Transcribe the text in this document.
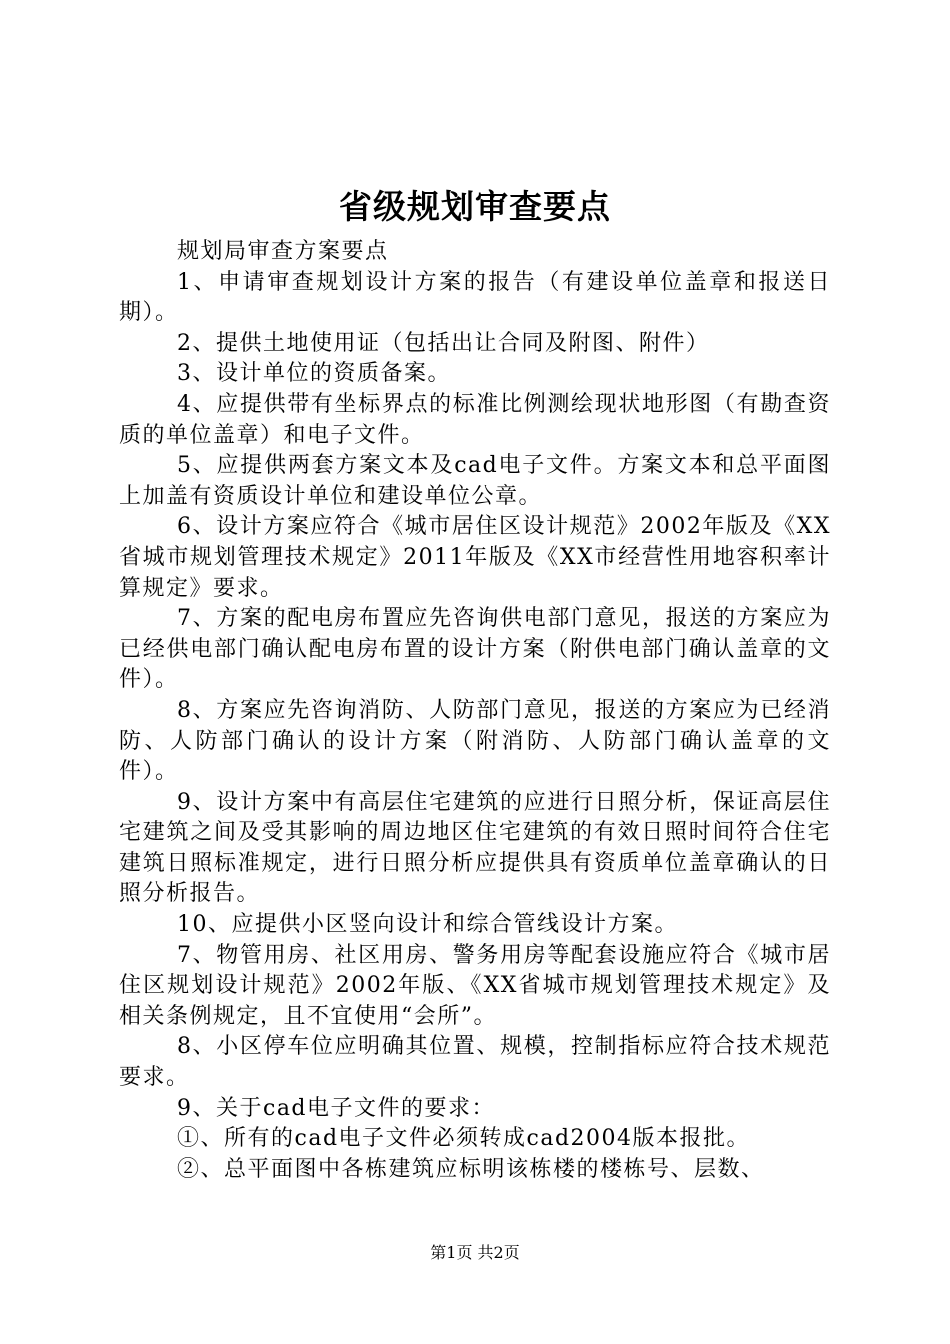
省级规划审查要点

规划局审查方案要点

1、申请审查规划设计方案的报告（有建设单位盖章和报送日期）。

2、提供土地使用证（包括出让合同及附图、附件）

3、设计单位的资质备案。

4、应提供带有坐标界点的标准比例测绘现状地形图（有勘查资质的单位盖章）和电子文件。

5、应提供两套方案文本及cad电子文件。方案文本和总平面图上加盖有资质设计单位和建设单位公章。

6、设计方案应符合《城市居住区设计规范》2002年版及《XX省城市规划管理技术规定》2011年版及《XX市经营性用地容积率计算规定》要求。

7、方案的配电房布置应先咨询供电部门意见，报送的方案应为已经供电部门确认配电房布置的设计方案（附供电部门确认盖章的文件）。

8、方案应先咨询消防、人防部门意见，报送的方案应为已经消防、人防部门确认的设计方案（附消防、人防部门确认盖章的文件）。

9、设计方案中有高层住宅建筑的应进行日照分析，保证高层住宅建筑之间及受其影响的周边地区住宅建筑的有效日照时间符合住宅建筑日照标准规定，进行日照分析应提供具有资质单位盖章确认的日照分析报告。

10、应提供小区竖向设计和综合管线设计方案。

7、物管用房、社区用房、警务用房等配套设施应符合《城市居住区规划设计规范》2002年版、《XX省城市规划管理技术规定》及相关条例规定，且不宜使用“会所”。

8、小区停车位应明确其位置、规模，控制指标应符合技术规范要求。

9、关于cad电子文件的要求：

①、所有的cad电子文件必须转成cad2004版本报批。

②、总平面图中各栋建筑应标明该栋楼的楼栋号、层数、

第1页 共2页
